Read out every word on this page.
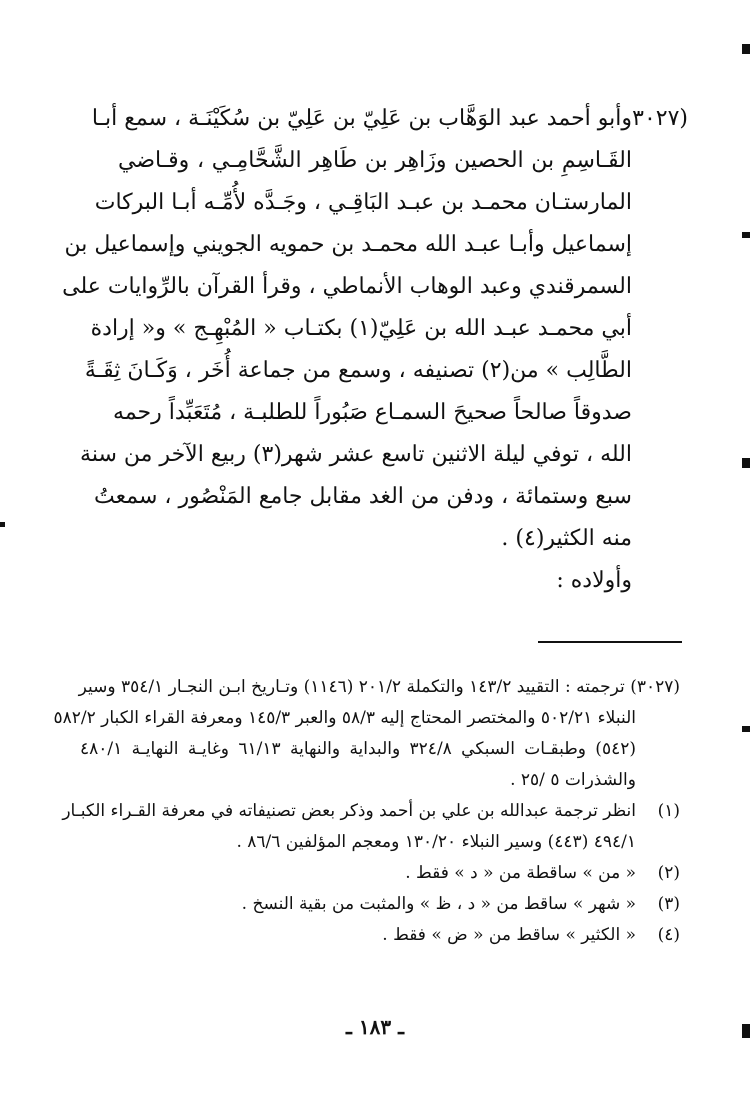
(٣٠٢٧
وأبو أحمد عبد الوَهَّاب بن عَلِيّ بن عَلِيّ بن سُكَيْنَـة ، سمع أبـا
القَـاسِمِ بن الحصين وزَاهِر بن طَاهِر الشَّحَّامِـي ، وقـاضي
المارستـان محمـد بن عبـد البَاقِـي ، وجَـدَّه لأُمِّـه أبـا البركات
إسماعيل وأبـا عبـد الله محمـد بن حمويه الجويني وإسماعيل بن
السمرقندي وعبد الوهاب الأنماطي ، وقرأ القرآن بالرِّوايات على
أبي محمـد عبـد الله بن عَلِيّ(١) بكتـاب « المُبْهِـج » و« إرادة
الطَّالِب » من(٢) تصنيفه ، وسمع من جماعة أُخَر ، وَكَـانَ ثِقَـةً
صدوقاً صالحاً صحيحَ السمـاع صَبُوراً للطلبـة ، مُتَعَبِّداً رحمه
الله ، توفي ليلة الاثنين تاسع عشر شهر(٣) ربيع الآخر من سنة
سبع وستمائة ، ودفن من الغد مقابل جامع المَنْصُور ، سمعتُ
منه الكثير(٤) .
وأولاده :
(٣٠٢٧) ترجمته : التقييد ١٤٣/٢ والتكملة ٢٠١/٢ (١١٤٦) وتـاريخ ابـن النجـار ٣٥٤/١ وسير
النبلاء ٥٠٢/٢١ والمختصر المحتاج إليه ٥٨/٣ والعبر ١٤٥/٣ ومعرفة القراء الكبار ٥٨٢/٢
(٥٤٢) وطبقـات السبكي ٣٢٤/٨ والبداية والنهاية ٦١/١٣ وغايـة النهايـة ٤٨٠/١
والشذرات ٥ /٢٥ .
(١)
انظر ترجمة عبدالله بن علي بن أحمد وذكر بعض تصنيفاته في معرفة القـراء الكبـار
٤٩٤/١ (٤٤٣) وسير النبلاء ١٣٠/٢٠ ومعجم المؤلفين ٨٦/٦ .
(٢)
« من » ساقطة من « د » فقط .
(٣)
« شهر » ساقط من « د ، ظ » والمثبت من بقية النسخ .
(٤)
« الكثير » ساقط من « ض » فقط .
ـ ١٨٣ ـ
